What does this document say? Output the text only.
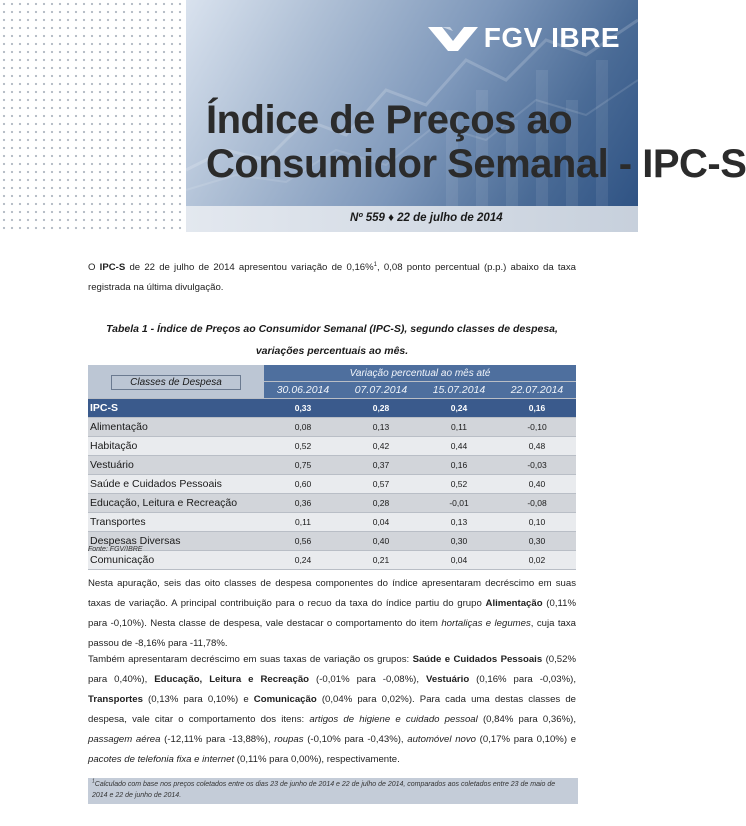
FGV IBRE
Índice de Preços ao
Consumidor Semanal - IPC-S
Nº 559 ♦ 22 de julho de 2014
O IPC-S de 22 de julho de 2014 apresentou variação de 0,16%$^1$, 0,08 ponto percentual (p.p.) abaixo da taxa registrada na última divulgação.
Tabela 1 - Índice de Preços ao Consumidor Semanal (IPC-S), segundo classes de despesa,
variações percentuais ao mês.
Classes de Despesa	Variação percentual ao mês até			
	30.06.2014	07.07.2014	15.07.2014	22.07.2014
IPC-S	0,33	0,28	0,24	0,16
Alimentação	0,08	0,13	0,11	-0,10
Habitação	0,52	0,42	0,44	0,48
Vestuário	0,75	0,37	0,16	-0,03
Saúde e Cuidados Pessoais	0,60	0,57	0,52	0,40
Educação, Leitura e Recreação	0,36	0,28	-0,01	-0,08
Transportes	0,11	0,04	0,13	0,10
Despesas Diversas	0,56	0,40	0,30	0,30
Comunicação	0,24	0,21	0,04	0,02
Fonte: FGV/IBRE
Nesta apuração, seis das oito classes de despesa componentes do índice apresentaram decréscimo em suas taxas de variação. A principal contribuição para o recuo da taxa do índice partiu do grupo Alimentação (0,11% para -0,10%). Nesta classe de despesa, vale destacar o comportamento do item hortaliças e legumes, cuja taxa passou de -8,16% para -11,78%.
Também apresentaram decréscimo em suas taxas de variação os grupos: Saúde e Cuidados Pessoais (0,52% para 0,40%), Educação, Leitura e Recreação (-0,01% para -0,08%), Vestuário (0,16% para -0,03%), Transportes (0,13% para 0,10%) e Comunicação (0,04% para 0,02%). Para cada uma destas classes de despesa, vale citar o comportamento dos itens: artigos de higiene e cuidado pessoal (0,84% para 0,36%), passagem aérea (-12,11% para -13,88%), roupas (-0,10% para -0,43%), automóvel novo (0,17% para 0,10%) e pacotes de telefonia fixa e internet (0,11% para 0,00%), respectivamente.
$^1$Calculado com base nos preços coletados entre os dias 23 de junho de 2014 e 22 de julho de 2014, comparados aos coletados entre 23 de maio de 2014 e 22 de junho de 2014.
